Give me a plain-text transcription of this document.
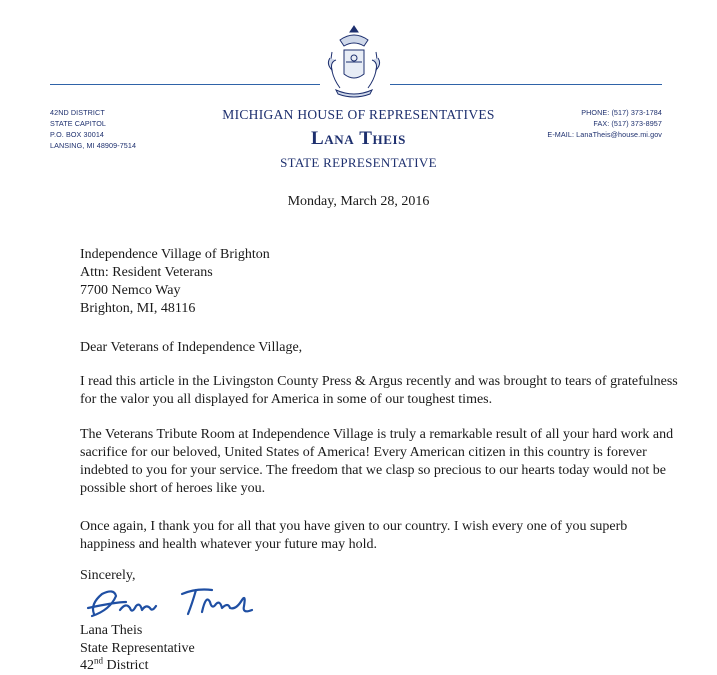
42ND DISTRICT
STATE CAPITOL
P.O. BOX 30014
LANSING, MI 48909-7514
PHONE: (517) 373-1784
FAX: (517) 373-8957
E-MAIL: LanaTheis@house.mi.gov
MICHIGAN HOUSE OF REPRESENTATIVES
Lana Theis
STATE REPRESENTATIVE
Monday, March 28, 2016
Independence Village of Brighton
Attn: Resident Veterans
7700 Nemco Way
Brighton, MI, 48116
Dear Veterans of Independence Village,
I read this article in the Livingston County Press & Argus recently and was brought to tears of gratefulness for the valor you all displayed for America in some of our toughest times.
The Veterans Tribute Room at Independence Village is truly a remarkable result of all your hard work and sacrifice for our beloved, United States of America! Every American citizen in this country is forever indebted to you for your service. The freedom that we clasp so precious to our hearts today would not be possible short of heroes like you.
Once again, I thank you for all that you have given to our country. I wish every one of you superb happiness and health whatever your future may hold.
Sincerely,
Lana Theis
State Representative
42nd District
